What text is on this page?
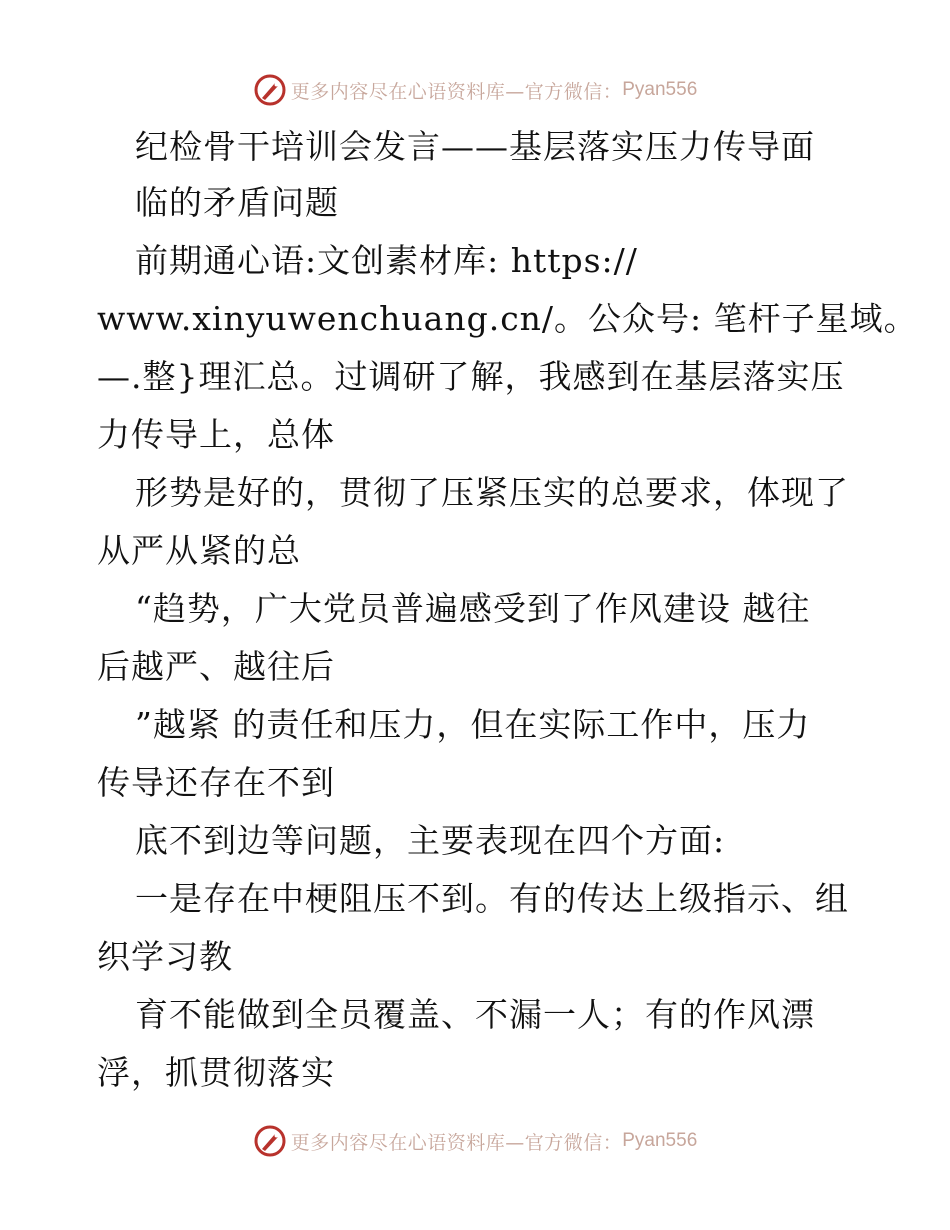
更多内容尽在心语资料库—官方微信： Pyan556
纪检骨干培训会发言——基层落实压力传导面
临的矛盾问题
前期通心语:文创素材库: https://
www.xinyuwenchuang.cn/。公众号: 笔杆子星域。
—.整}理汇总。过调研了解，我感到在基层落实压
力传导上，总体
形势是好的，贯彻了压紧压实的总要求，体现了
从严从紧的总
“趋势，广大党员普遍感受到了作风建设 越往
后越严、越往后
”越紧 的责任和压力，但在实际工作中，压力
传导还存在不到
底不到边等问题，主要表现在四个方面:
一是存在中梗阻压不到。有的传达上级指示、组
织学习教
育不能做到全员覆盖、不漏一人；有的作风漂
浮，抓贯彻落实
更多内容尽在心语资料库—官方微信： Pyan556
